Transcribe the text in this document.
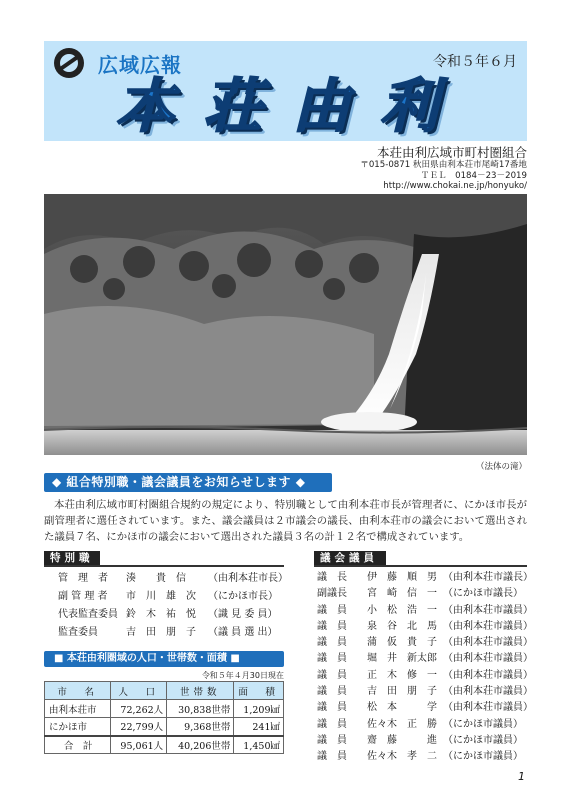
広域広報	令和５年６月
本荘由利
本荘由利広域市町村圏組合
〒015-0871 秋田県由利本荘市尾崎17番地
ＴＥＬ　0184－23－2019
http://www.chokai.ne.jp/honyuko/
（法体の滝）
◆ 組合特別職・議会議員をお知らせします ◆
本荘由利広域市町村圏組合規約の規定により、特別職として由利本荘市長が管理者に、にかほ市長が副管理者に選任されています。また、議会議員は２市議会の議長、由利本荘市の議会において選出された議員７名、にかほ市の議会において選出された議員３名の計１２名で構成されています。
特別職
管　理　者 湊　　貴　信 （由利本荘市長）
副 管 理 者 市　川　雄　次 （にかほ市長）
代表監査委員 鈴　木　祐　悦 （識 見 委 員）
監査委員	吉　田　朋　子 （議 員 選 出）
■ 本荘由利圏域の人口・世帯数・面積 ■
令和５年４月30日現在
市　名	人　口	世帯数	面　積
由利本荘市	72,262人	30,838世帯	1,209㎢
にかほ市	22,799人	9,368世帯	241㎢
合　計	95,061人	40,206世帯	1,450㎢
議会議員
議　長 伊　藤　順　男 （由利本荘市議長）
副議長 宮　崎　信　一 （にかほ市議長）
議　員 小　松　浩　一 （由利本荘市議員）
議　員 泉　谷　北　馬 （由利本荘市議員）
議　員 蒲　仮　貴　子 （由利本荘市議員）
議　員 堀　井　新太郎 （由利本荘市議員）
議　員 正　木　修　一 （由利本荘市議員）
議　員 吉　田　朋　子 （由利本荘市議員）
議　員 松　本　　　学 （由利本荘市議員）
議　員 佐々木　正　勝 （にかほ市議員）
議　員 齋　藤　　　進 （にかほ市議員）
議　員 佐々木　孝　二 （にかほ市議員）
1
